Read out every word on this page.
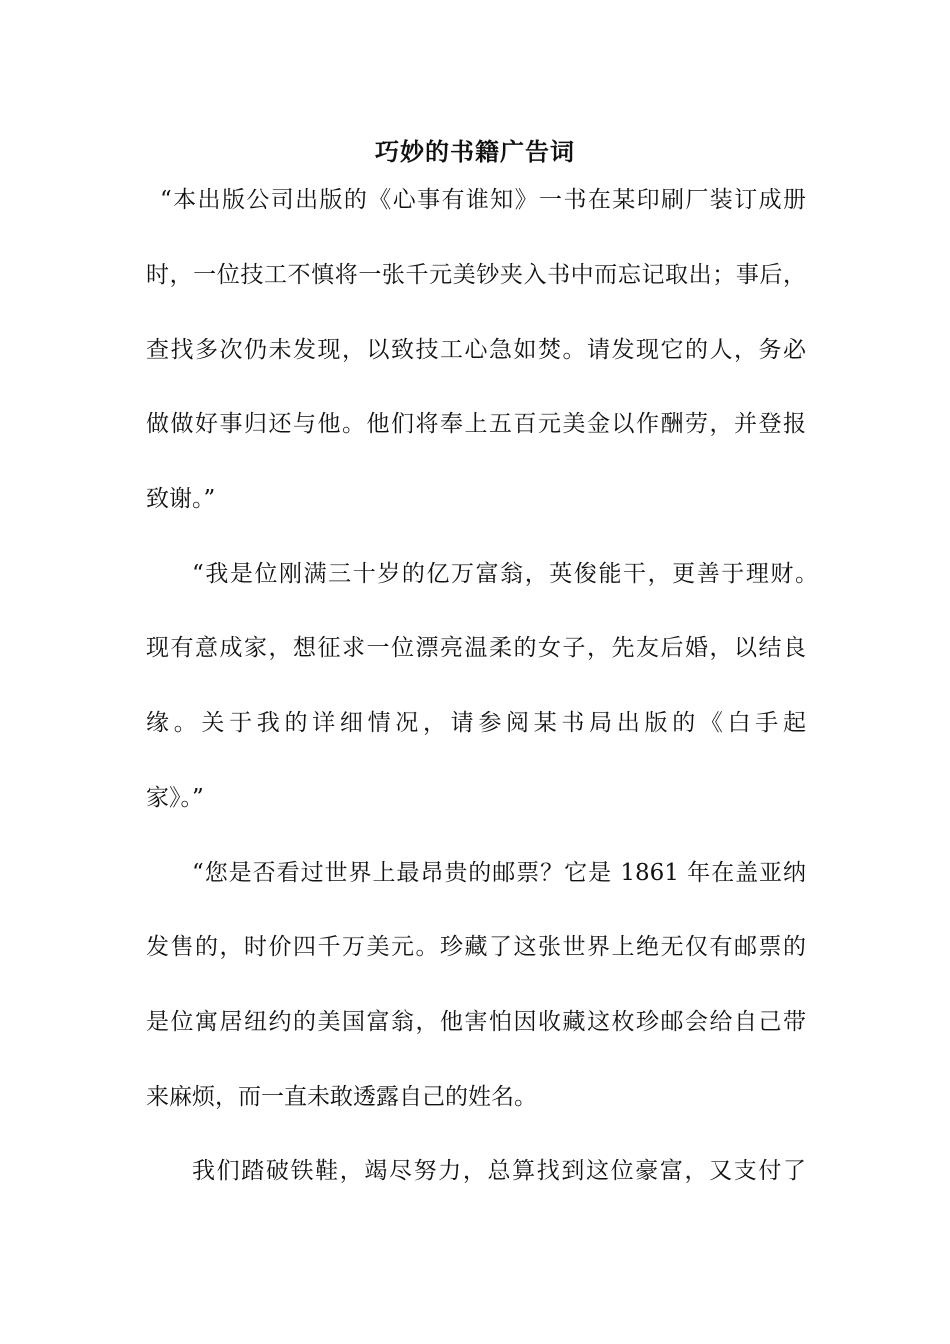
巧妙的书籍广告词
“本出版公司出版的《心事有谁知》一书在某印刷厂装订成册
时，一位技工不慎将一张千元美钞夹入书中而忘记取出；事后，
查找多次仍未发现，以致技工心急如焚。请发现它的人，务必
做做好事归还与他。他们将奉上五百元美金以作酬劳，并登报
致谢。”
“我是位刚满三十岁的亿万富翁，英俊能干，更善于理财。
现有意成家，想征求一位漂亮温柔的女子，先友后婚，以结良
缘。关于我的详细情况，请参阅某书局出版的《白手起
家》。”
“您是否看过世界上最昂贵的邮票？它是 1861 年在盖亚纳
发售的，时价四千万美元。珍藏了这张世界上绝无仅有邮票的
是位寓居纽约的美国富翁，他害怕因收藏这枚珍邮会给自己带
来麻烦，而一直未敢透露自己的姓名。
我们踏破铁鞋，竭尽努力，总算找到这位豪富，又支付了
